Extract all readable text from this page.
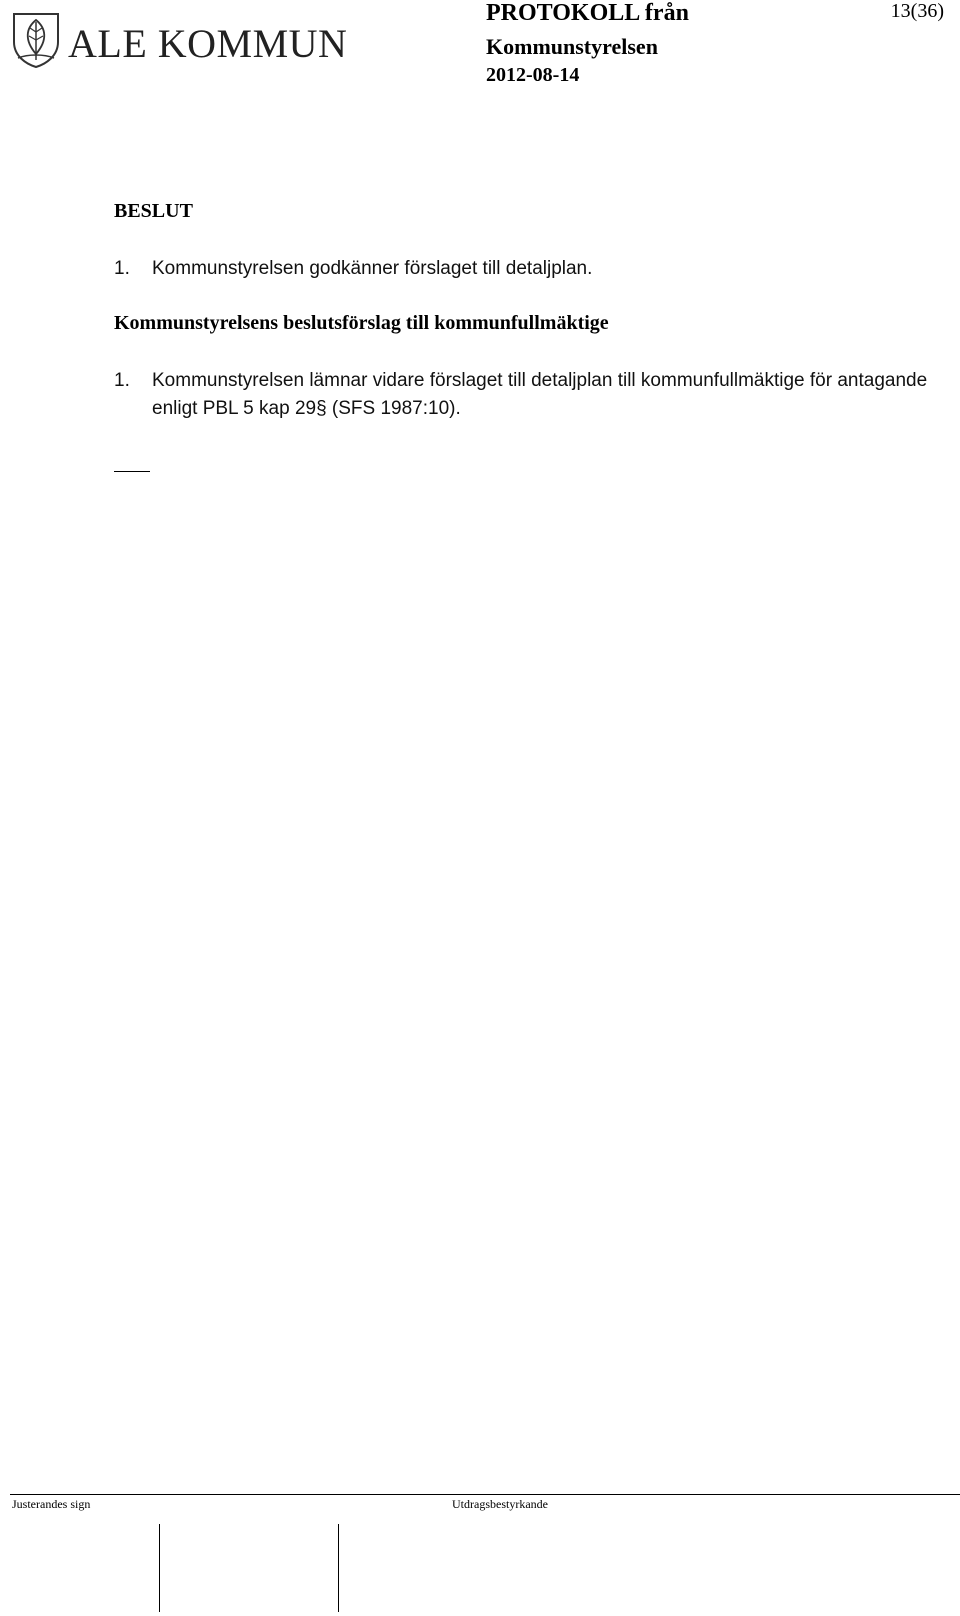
ALE KOMMUN
PROTOKOLL från
Kommunstyrelsen
2012-08-14
13(36)
BESLUT
1.	Kommunstyrelsen godkänner förslaget till detaljplan.
Kommunstyrelsens beslutsförslag till kommunfullmäktige
1.	Kommunstyrelsen lämnar vidare förslaget till detaljplan till kommunfullmäktige för antagande enligt PBL 5 kap 29§ (SFS 1987:10).
Justerandes sign	Utdragsbestyrkande
